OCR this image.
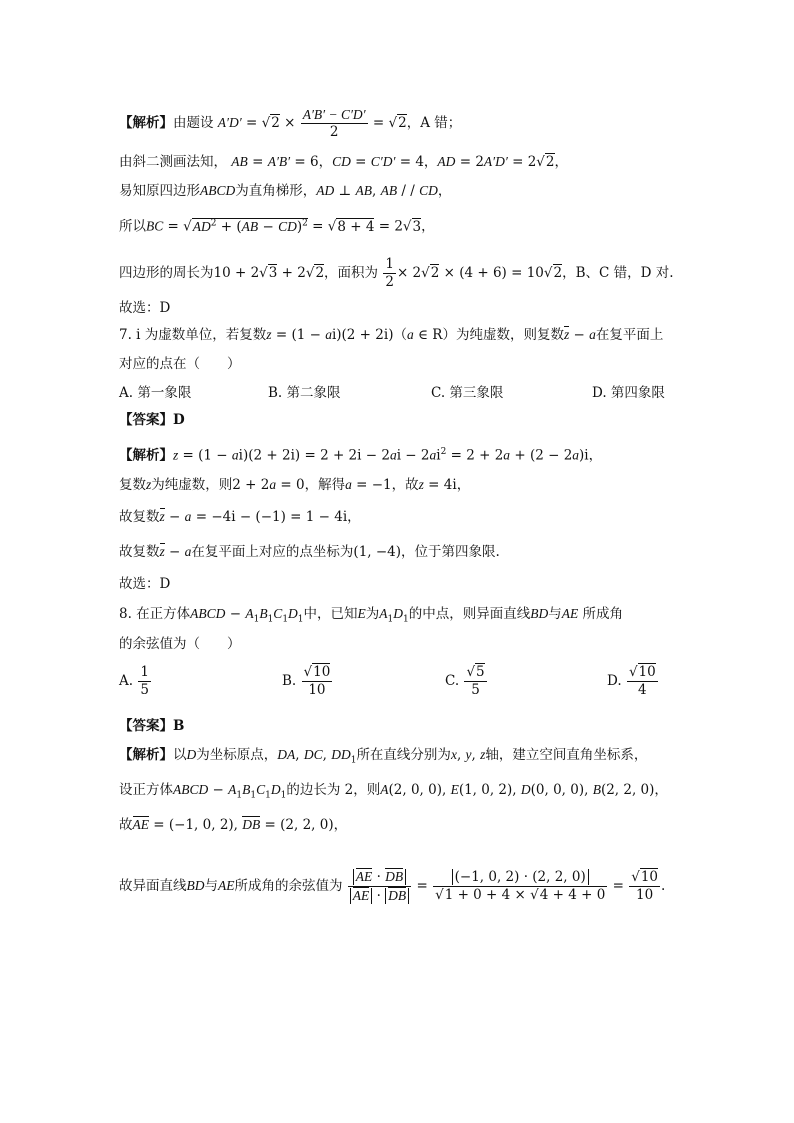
【解析】由题设 $A'D' = √2 \times \frac{A'B' - C'D'}{2} = √2$，A 错；
由斜二测画法知， AB = A′B′ = 6，CD = C′D′ = 4，AD = 2A′D′ = 2√2，
易知原四边形ABCD为直角梯形，AD ⊥ AB, AB / / CD，
所以BC = $√AD^2 + (AB - CD)^2 = √8 + 4 = 2√3$，
四边形的周长为10 + 2√3 + 2√2，面积为 $\frac{1}{2} \times 2√2 \times (4 + 6) = 10√2$，B、C 错，D 对.
故选：D
7. i 为虚数单位，若复数z = (1 − ai)(2 + 2i)（a ∈ R）为纯虚数，则复数z − a在复平面上
对应的点在（　　）
A. 第一象限	B. 第二象限	C. 第三象限	D. 第四象限
【答案】D
【解析】$z = (1 - ai)(2 + 2i) = 2 + 2i - 2ai - 2ai^2 = 2 + 2a + (2 - 2a)i$，
复数z为纯虚数，则2 + 2a = 0，解得a = −1，故z = 4i，
故复数z − a = −4i − (−1) = 1 − 4i，
故复数z − a在复平面上对应的点坐标为(1, −4)，位于第四象限.
故选：D
8. 在正方体ABCD − $A_1B_1C_1D_1$中，已知E为$A_1D_1$的中点，则异面直线BD与AE 所成角
的余弦值为（　　）
A. $\frac{1}{5}$	B. $\frac{√10}{10}$	C. $\frac{√5}{5}$	D. $\frac{√10}{4}$
【答案】B
【解析】以D为坐标原点，DA, DC, $DD_1$所在直线分别为x, y, z轴，建立空间直角坐标系，
设正方体ABCD − $A_1B_1C_1D_1$的边长为 2，则A(2, 0, 0), E(1, 0, 2), D(0, 0, 0), B(2, 2, 0)，
故AE = (−1, 0, 2), DB = (2, 2, 0)，
故异面直线BD与AE所成角的余弦值为 $\frac{AE \cdot DB}{AE \cdot DB} = \frac{(-1, 0, 2) \cdot (2, 2, 0)}{√1 + 0 + 4 \times √4 + 4 + 0} = \frac{√10}{10}$ .
